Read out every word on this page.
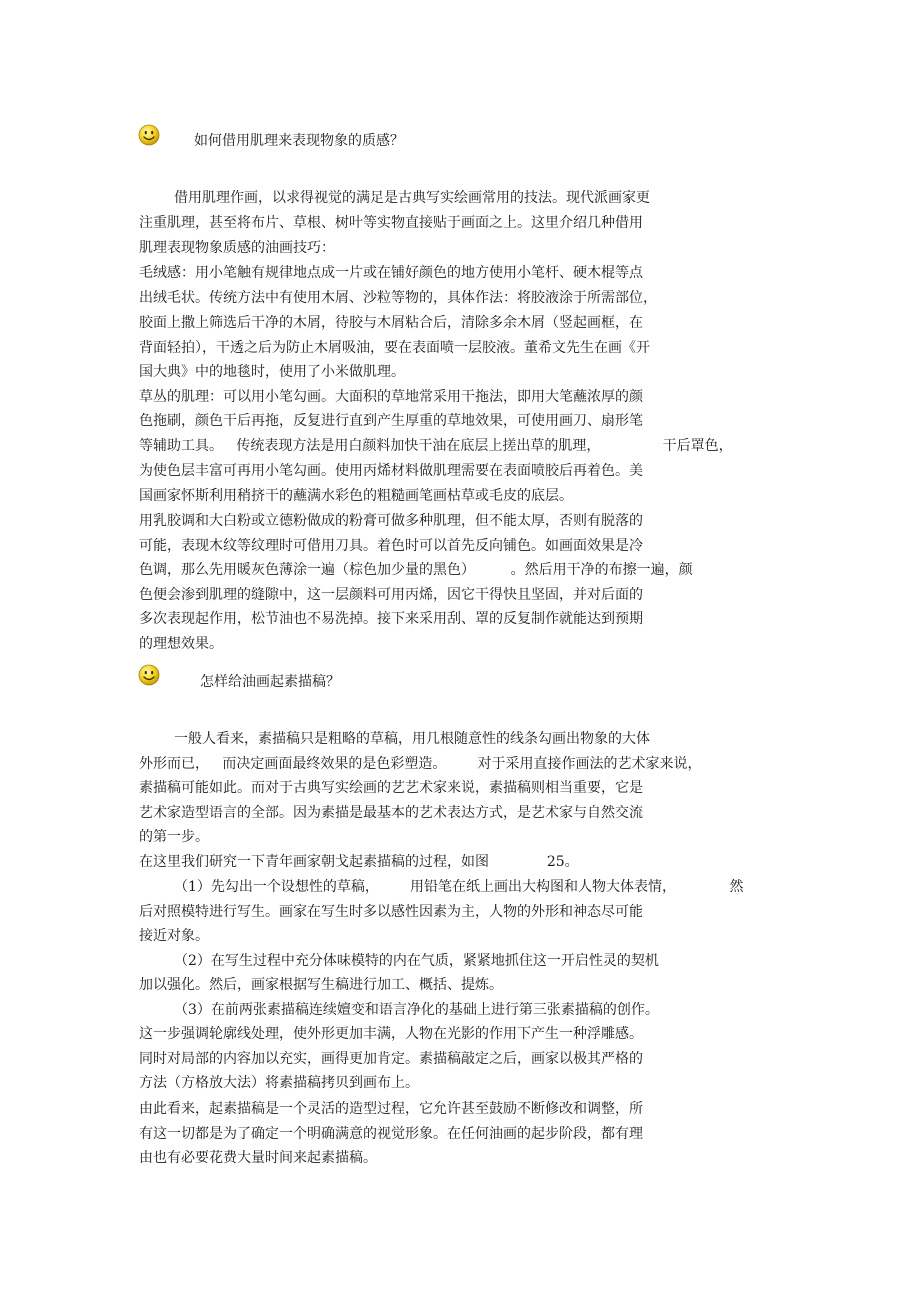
如何借用肌理来表现物象的质感？
借用肌理作画，以求得视觉的满足是古典写实绘画常用的技法。现代派画家更
注重肌理，甚至将布片、草根、树叶等实物直接贴于画面之上。这里介绍几种借用
肌理表现物象质感的油画技巧：
毛绒感：用小笔触有规律地点成一片或在铺好颜色的地方使用小笔杆、硬木棍等点
出绒毛状。传统方法中有使用木屑、沙粒等物的，具体作法：将胶液涂于所需部位，
胶面上撒上筛选后干净的木屑，待胶与木屑粘合后，清除多余木屑（竖起画框，在
背面轻拍），干透之后为防止木屑吸油，要在表面喷一层胶液。董希文先生在画《开
国大典》中的地毯时，使用了小米做肌理。
草丛的肌理：可以用小笔勾画。大面积的草地常采用干拖法，即用大笔蘸浓厚的颜
色拖刷，颜色干后再拖，反复进行直到产生厚重的草地效果，可使用画刀、扇形笔
等辅助工具。   传统表现方法是用白颜料加快干油在底层上搓出草的肌理，              干后罩色，
为使色层丰富可再用小笔勾画。使用丙烯材料做肌理需要在表面喷胶后再着色。美
国画家怀斯利用稍挤干的蘸满水彩色的粗糙画笔画枯草或毛皮的底层。
用乳胶调和大白粉或立德粉做成的粉膏可做多种肌理，但不能太厚，否则有脱落的
可能，表现木纹等纹理时可借用刀具。着色时可以首先反向铺色。如画面效果是冷
色调，那么先用暖灰色薄涂一遍（棕色加少量的黑色）        。然后用干净的布擦一遍，颜
色便会渗到肌理的缝隙中，这一层颜料可用丙烯，因它干得快且坚固，并对后面的
多次表现起作用，松节油也不易洗掉。接下来采用刮、罩的反复制作就能达到预期
的理想效果。
怎样给油画起素描稿？
一般人看来，素描稿只是粗略的草稿，用几根随意性的线条勾画出物象的大体
外形而已，   而决定画面最终效果的是色彩塑造。       对于采用直接作画法的艺术家来说，
素描稿可能如此。而对于古典写实绘画的艺艺术家来说，素描稿则相当重要，它是
艺术家造型语言的全部。因为素描是最基本的艺术表达方式，是艺术家与自然交流
的第一步。
在这里我们研究一下青年画家朝戈起素描稿的过程，如图             25。
（1）先勾出一个设想性的草稿，       用铅笔在纸上画出大构图和人物大体表情，            然
后对照模特进行写生。画家在写生时多以感性因素为主，人物的外形和神态尽可能
接近对象。
（2）在写生过程中充分体味模特的内在气质，紧紧地抓住这一开启性灵的契机
加以强化。然后，画家根据写生稿进行加工、概括、提炼。
（3）在前两张素描稿连续嬗变和语言净化的基础上进行第三张素描稿的创作。
这一步强调轮廓线处理，使外形更加丰满，人物在光影的作用下产生一种浮雕感。
同时对局部的内容加以充实，画得更加肯定。素描稿敲定之后，画家以极其严格的
方法（方格放大法）将素描稿拷贝到画布上。
由此看来，起素描稿是一个灵活的造型过程，它允许甚至鼓励不断修改和调整，所
有这一切都是为了确定一个明确满意的视觉形象。在任何油画的起步阶段，都有理
由也有必要花费大量时间来起素描稿。
